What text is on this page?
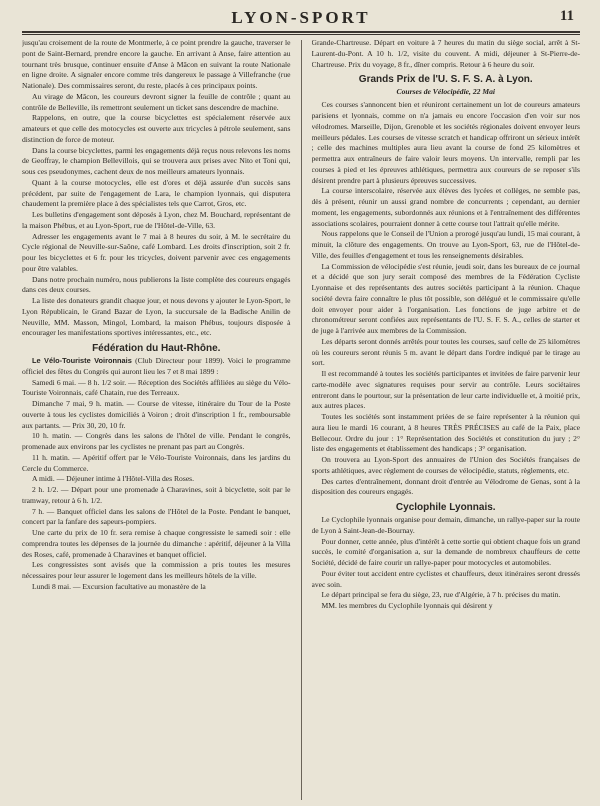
LYON-SPORT	11

jusqu'au croisement de la route de Montmerle, à ce point prendre la gauche, traverser le pont de Saint-Bernard, prendre encore la gauche. En arrivant à Anse, faire attention au tournant très brusque, continuer ensuite d'Anse à Mâcon en suivant la route Nationale en ligne droite. A signaler encore comme très dangereux le passage à Villefranche (rue Nationale). Des commissaires seront, du reste, placés à ces principaux points.

Au virage de Mâcon, les coureurs devront signer la feuille de contrôle ; quant au contrôle de Belleville, ils remettront seulement un ticket sans descendre de machine.

Rappelons, en outre, que la course bicyclettes est spécialement réservée aux amateurs et que celle des motocycles est ouverte aux tricycles à pétrole seulement, sans distinction de force de moteur.

Dans la course bicyclettes, parmi les engagements déjà reçus nous relevons les noms de Geoffray, le champion Bellevillois, qui se trouvera aux prises avec Nito et Toni qui, sous ces pseudonymes, cachent deux de nos meilleurs amateurs lyonnais.

Quant à la course motocycles, elle est d'ores et déjà assurée d'un succès sans précédent, par suite de l'engagement de Lara, le champion lyonnais, qui disputera chaudement la première place à des spécialistes tels que Carrot, Gros, etc.

Les bulletins d'engagement sont déposés à Lyon, chez M. Bouchard, représentant de la maison Phébus, et au Lyon-Sport, rue de l'Hôtel-de-Ville, 63.

Adresser les engagements avant le 7 mai à 8 heures du soir, à M. le secrétaire du Cycle régional de Neuville-sur-Saône, café Lombard. Les droits d'inscription, soit 2 fr. pour les bicyclettes et 6 fr. pour les tricycles, doivent parvenir avec ces engagements pour être valables.

Dans notre prochain numéro, nous publierons la liste complète des coureurs engagés dans ces deux courses.

La liste des donateurs grandit chaque jour, et nous devons y ajouter le Lyon-Sport, le Lyon Républicain, le Grand Bazar de Lyon, la succursale de la Badische Anilin de Neuville, MM. Masson, Mingol, Lombard, la maison Phébus, toujours disposée à encourager les manifestations sportives intéressantes, etc., etc.

Fédération du Haut-Rhône.

Le Vélo-Touriste Voironnais (Club Directeur pour 1899). Voici le programme officiel des fêtes du Congrès qui auront lieu les 7 et 8 mai 1899 :

Samedi 6 mai. — 8 h. 1/2 soir. — Réception des Sociétés affiliées au siège du Vélo-Touriste Voironnais, café Chatain, rue des Terreaux.

Dimanche 7 mai, 9 h. matin. — Course de vitesse, itinéraire du Tour de la Poste ouverte à tous les cyclistes domiciliés à Voiron ; droit d'inscription 1 fr., remboursable aux partants. — Prix 30, 20, 10 fr.

10 h. matin. — Congrès dans les salons de l'hôtel de ville. Pendant le congrès, promenade aux environs par les cyclistes ne prenant pas part au Congrès.

11 h. matin. — Apéritif offert par le Vélo-Touriste Voironnais, dans les jardins du Cercle du Commerce.

A midi. — Déjeuner intime à l'Hôtel-Villa des Roses.

2 h. 1/2. — Départ pour une promenade à Charavines, soit à bicyclette, soit par le tramway, retour à 6 h. 1/2.

7 h. — Banquet officiel dans les salons de l'Hôtel de la Poste. Pendant le banquet, concert par la fanfare des sapeurs-pompiers.

Une carte du prix de 10 fr. sera remise à chaque congressiste le samedi soir : elle comprendra toutes les dépenses de la journée du dimanche : apéritif, déjeuner à la Villa des Roses, café, promenade à Charavines et banquet officiel.

Les congressistes sont avisés que la commission a pris toutes les mesures nécessaires pour leur assurer le logement dans les meilleurs hôtels de la ville.

Lundi 8 mai. — Excursion facultative au monastère de la

Grande-Chartreuse. Départ en voiture à 7 heures du matin du siège social, arrêt à St-Laurent-du-Pont. A 10 h. 1/2, visite du couvent. A midi, déjeuner à St-Pierre-de-Chartreuse. Prix du voyage, 8 fr., dîner compris. Retour à 6 heure du soir.

Grands Prix de l'U. S. F. S. A. à Lyon.
Courses de Vélocipédie, 22 Mai

Ces courses s'annoncent bien et réuniront certainement un lot de coureurs amateurs parisiens et lyonnais, comme on n'a jamais eu encore l'occasion d'en voir sur nos vélodromes. Marseille, Dijon, Grenoble et les sociétés régionales doivent envoyer leurs meilleurs pédales. Les courses de vitesse scratch et handicap offriront un sérieux intérêt ; celle des machines multiples aura lieu avant la course de fond 25 kilomètres et permettra aux entraîneurs de faire valoir leurs moyens. Un intervalle, rempli par les courses à pied et les épreuves athlétiques, permettra aux coureurs de se reposer s'ils désirent prendre part à plusieurs épreuves successives.

La course interscolaire, réservée aux élèves des lycées et collèges, ne semble pas, dès à présent, réunir un aussi grand nombre de concurrents ; cependant, au dernier moment, les engagements, subordonnés aux réunions et à l'entraînement des différentes associations scolaires, pourraient donner à cette course tout l'attrait qu'elle mérite.

Nous rappelons que le Conseil de l'Union a prorogé jusqu'au lundi, 15 mai courant, à minuit, la clôture des engagements. On trouve au Lyon-Sport, 63, rue de l'Hôtel-de-Ville, des feuilles d'engagement et tous les renseignements désirables.

La Commission de vélocipédie s'est réunie, jeudi soir, dans les bureaux de ce journal et a décidé que son jury serait composé des membres de la Fédération Cycliste Lyonnaise et des représentants des autres sociétés participant à la réunion. Chaque société devra faire connaître le plus tôt possible, son délégué et le commissaire qu'elle doit envoyer pour aider à l'organisation. Les fonctions de juge arbitre et de chronométreur seront confiées aux représentants de l'U. S. F. S. A., celles de starter et de juge à l'arrivée aux membres de la Commission.

Les départs seront donnés arrêtés pour toutes les courses, sauf celle de 25 kilomètres où les coureurs seront réunis 5 m. avant le départ dans l'ordre indiqué par le tirage au sort.

Il est recommandé à toutes les sociétés participantes et invitées de faire parvenir leur carte-modèle avec signatures requises pour servir au contrôle. Leurs sociétaires entreront dans le pourtour, sur la présentation de leur carte individuelle et, à moitié prix, aux autres places.

Toutes les sociétés sont instamment priées de se faire représenter à la réunion qui aura lieu le mardi 16 courant, à 8 heures TRÈS PRÉCISES au café de la Paix, place Bellecour. Ordre du jour : 1° Représentation des Sociétés et constitution du jury ; 2° liste des engagements et établissement des handicaps ; 3° organisation.

On trouvera au Lyon-Sport des annuaires de l'Union des Sociétés françaises de sports athlétiques, avec règlement de courses de vélocipédie, statuts, règlements, etc.

Des cartes d'entraînement, donnant droit d'entrée au Vélodrome de Genas, sont à la disposition des coureurs engagés.

Cyclophile Lyonnais.

Le Cyclophile lyonnais organise pour demain, dimanche, un rallye-paper sur la route de Lyon à Saint-Jean-de-Bournay.

Pour donner, cette année, plus d'intérêt à cette sortie qui obtient chaque fois un grand succès, le comité d'organisation a, sur la demande de nombreux chauffeurs de cette Société, décidé de faire courir un rallye-paper pour motocycles et automobiles.

Pour éviter tout accident entre cyclistes et chauffeurs, deux itinéraires seront dressés avec soin.

Le départ principal se fera du siège, 23, rue d'Algérie, à 7 h. précises du matin.

MM. les membres du Cyclophile lyonnais qui désirent y
